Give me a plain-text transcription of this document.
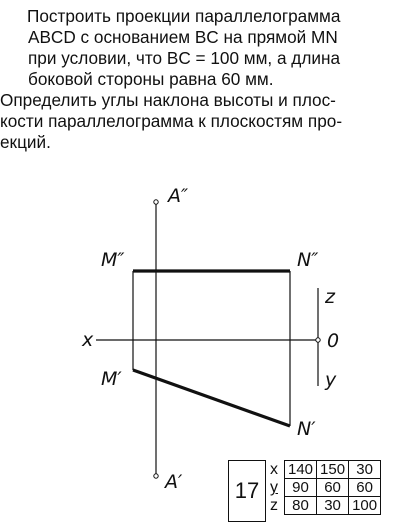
Построить проекции параллелограмма

ABCD с основанием BC на прямой MN

при условии, что BC = 100 мм, а длина

боковой стороны равна 60 мм.

Определить углы наклона высоты и плос-

кости параллелограмма к плоскостям про-

екций.

A″
A′
M″	N″
M′
N′
x	0
z
y
17
x	140	150	30
y	90	60	60
z	80	30	100
